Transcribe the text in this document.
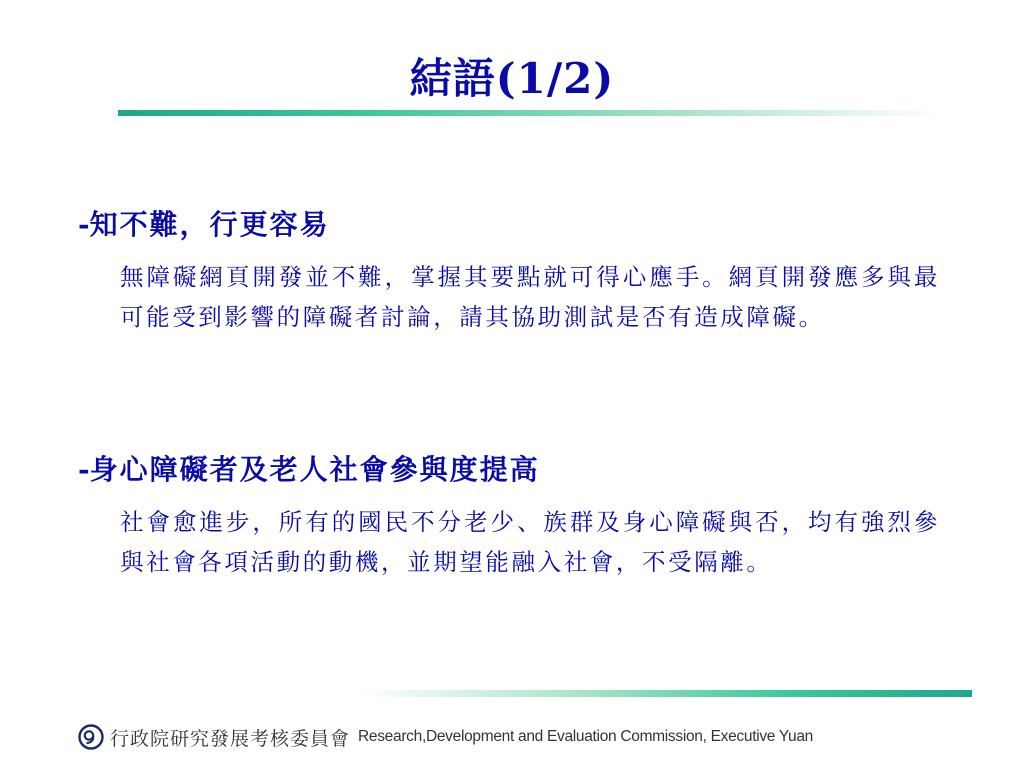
結語(1/2)

-知不難，行更容易

無障礙網頁開發並不難，掌握其要點就可得心應手。網頁開發應多與最可能受到影響的障礙者討論，請其協助測試是否有造成障礙。

-身心障礙者及老人社會參與度提高

社會愈進步，所有的國民不分老少、族群及身心障礙與否，均有強烈參與社會各項活動的動機，並期望能融入社會，不受隔離。

行政院研究發展考核委員會 Research,Development and Evaluation Commission, Executive Yuan
